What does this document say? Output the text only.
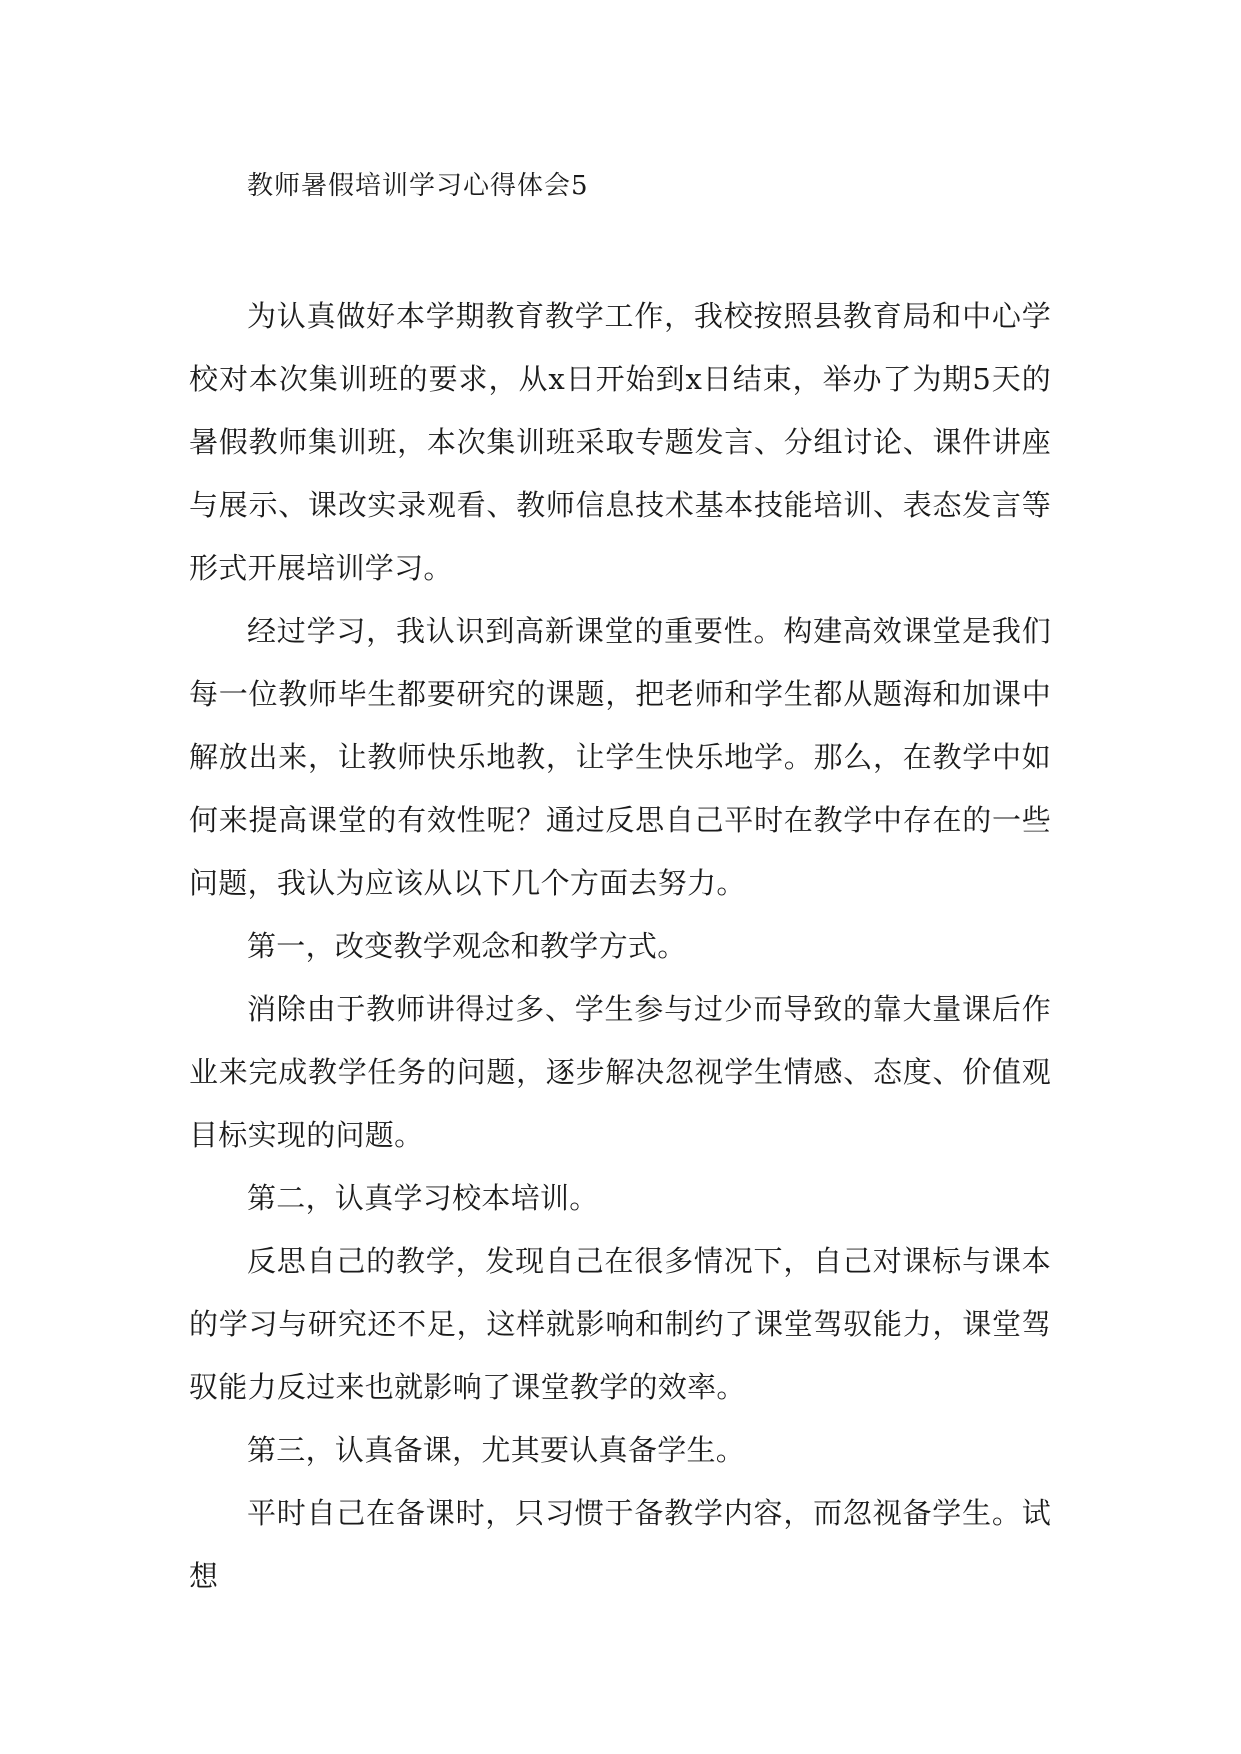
教师暑假培训学习心得体会5

为认真做好本学期教育教学工作，我校按照县教育局和中心学校对本次集训班的要求，从x日开始到x日结束，举办了为期5天的暑假教师集训班，本次集训班采取专题发言、分组讨论、课件讲座与展示、课改实录观看、教师信息技术基本技能培训、表态发言等形式开展培训学习。

经过学习，我认识到高新课堂的重要性。构建高效课堂是我们每一位教师毕生都要研究的课题，把老师和学生都从题海和加课中解放出来，让教师快乐地教，让学生快乐地学。那么，在教学中如何来提高课堂的有效性呢？通过反思自己平时在教学中存在的一些问题，我认为应该从以下几个方面去努力。

第一，改变教学观念和教学方式。

消除由于教师讲得过多、学生参与过少而导致的靠大量课后作业来完成教学任务的问题，逐步解决忽视学生情感、态度、价值观目标实现的问题。

第二，认真学习校本培训。

反思自己的教学，发现自己在很多情况下，自己对课标与课本的学习与研究还不足，这样就影响和制约了课堂驾驭能力，课堂驾驭能力反过来也就影响了课堂教学的效率。

第三，认真备课，尤其要认真备学生。

平时自己在备课时，只习惯于备教学内容，而忽视备学生。试想
